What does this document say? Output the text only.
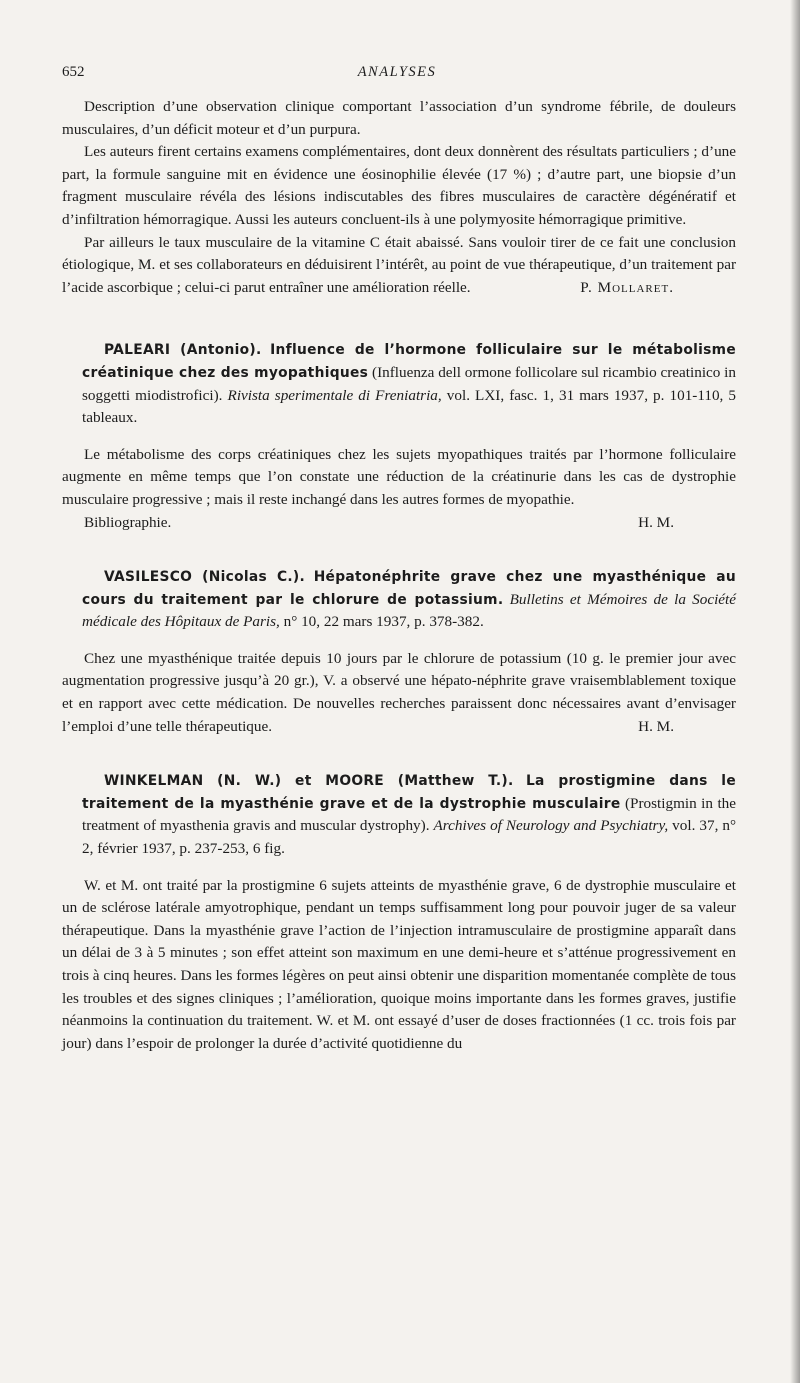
652	ANALYSES

Description d’une observation clinique comportant l’association d’un syndrome fébrile, de douleurs musculaires, d’un déficit moteur et d’un purpura.

Les auteurs firent certains examens complémentaires, dont deux donnèrent des résultats particuliers ; d’une part, la formule sanguine mit en évidence une éosinophilie élevée (17 %) ; d’autre part, une biopsie d’un fragment musculaire révéla des lésions indiscutables des fibres musculaires de caractère dégénératif et d’infiltration hémorragique. Aussi les auteurs concluent-ils à une polymyosite hémorragique primitive.

Par ailleurs le taux musculaire de la vitamine C était abaissé. Sans vouloir tirer de ce fait une conclusion étiologique, M. et ses collaborateurs en déduisirent l’intérêt, au point de vue thérapeutique, d’un traitement par l’acide ascorbique ; celui-ci parut entraîner une amélioration réelle.	P. Mollaret.

PALEARI (Antonio). Influence de l’hormone folliculaire sur le métabolisme créatinique chez des myopathiques (Influenza dell ormone follicolare sul ricambio creatinico in soggetti miodistrofici). Rivista sperimentale di Freniatria, vol. LXI, fasc. 1, 31 mars 1937, p. 101-110, 5 tableaux.

Le métabolisme des corps créatiniques chez les sujets myopathiques traités par l’hormone folliculaire augmente en même temps que l’on constate une réduction de la créatinurie dans les cas de dystrophie musculaire progressive ; mais il reste inchangé dans les autres formes de myopathie.

Bibliographie.	H. M.

VASILESCO (Nicolas C.). Hépatonéphrite grave chez une myasthénique au cours du traitement par le chlorure de potassium. Bulletins et Mémoires de la Société médicale des Hôpitaux de Paris, n° 10, 22 mars 1937, p. 378-382.

Chez une myasthénique traitée depuis 10 jours par le chlorure de potassium (10 g. le premier jour avec augmentation progressive jusqu’à 20 gr.), V. a observé une hépato-néphrite grave vraisemblablement toxique et en rapport avec cette médication. De nouvelles recherches paraissent donc nécessaires avant d’envisager l’emploi d’une telle thérapeutique.	H. M.

WINKELMAN (N. W.) et MOORE (Matthew T.). La prostigmine dans le traitement de la myasthénie grave et de la dystrophie musculaire (Prostigmin in the treatment of myasthenia gravis and muscular dystrophy). Archives of Neurology and Psychiatry, vol. 37, n° 2, février 1937, p. 237-253, 6 fig.

W. et M. ont traité par la prostigmine 6 sujets atteints de myasthénie grave, 6 de dystrophie musculaire et un de sclérose latérale amyotrophique, pendant un temps suffisamment long pour pouvoir juger de sa valeur thérapeutique. Dans la myasthénie grave l’action de l’injection intramusculaire de prostigmine apparaît dans un délai de 3 à 5 minutes ; son effet atteint son maximum en une demi-heure et s’atténue progressivement en trois à cinq heures. Dans les formes légères on peut ainsi obtenir une disparition momentanée complète de tous les troubles et des signes cliniques ; l’amélioration, quoique moins importante dans les formes graves, justifie néanmoins la continuation du traitement. W. et M. ont essayé d’user de doses fractionnées (1 cc. trois fois par jour) dans l’espoir de prolonger la durée d’activité quotidienne du
